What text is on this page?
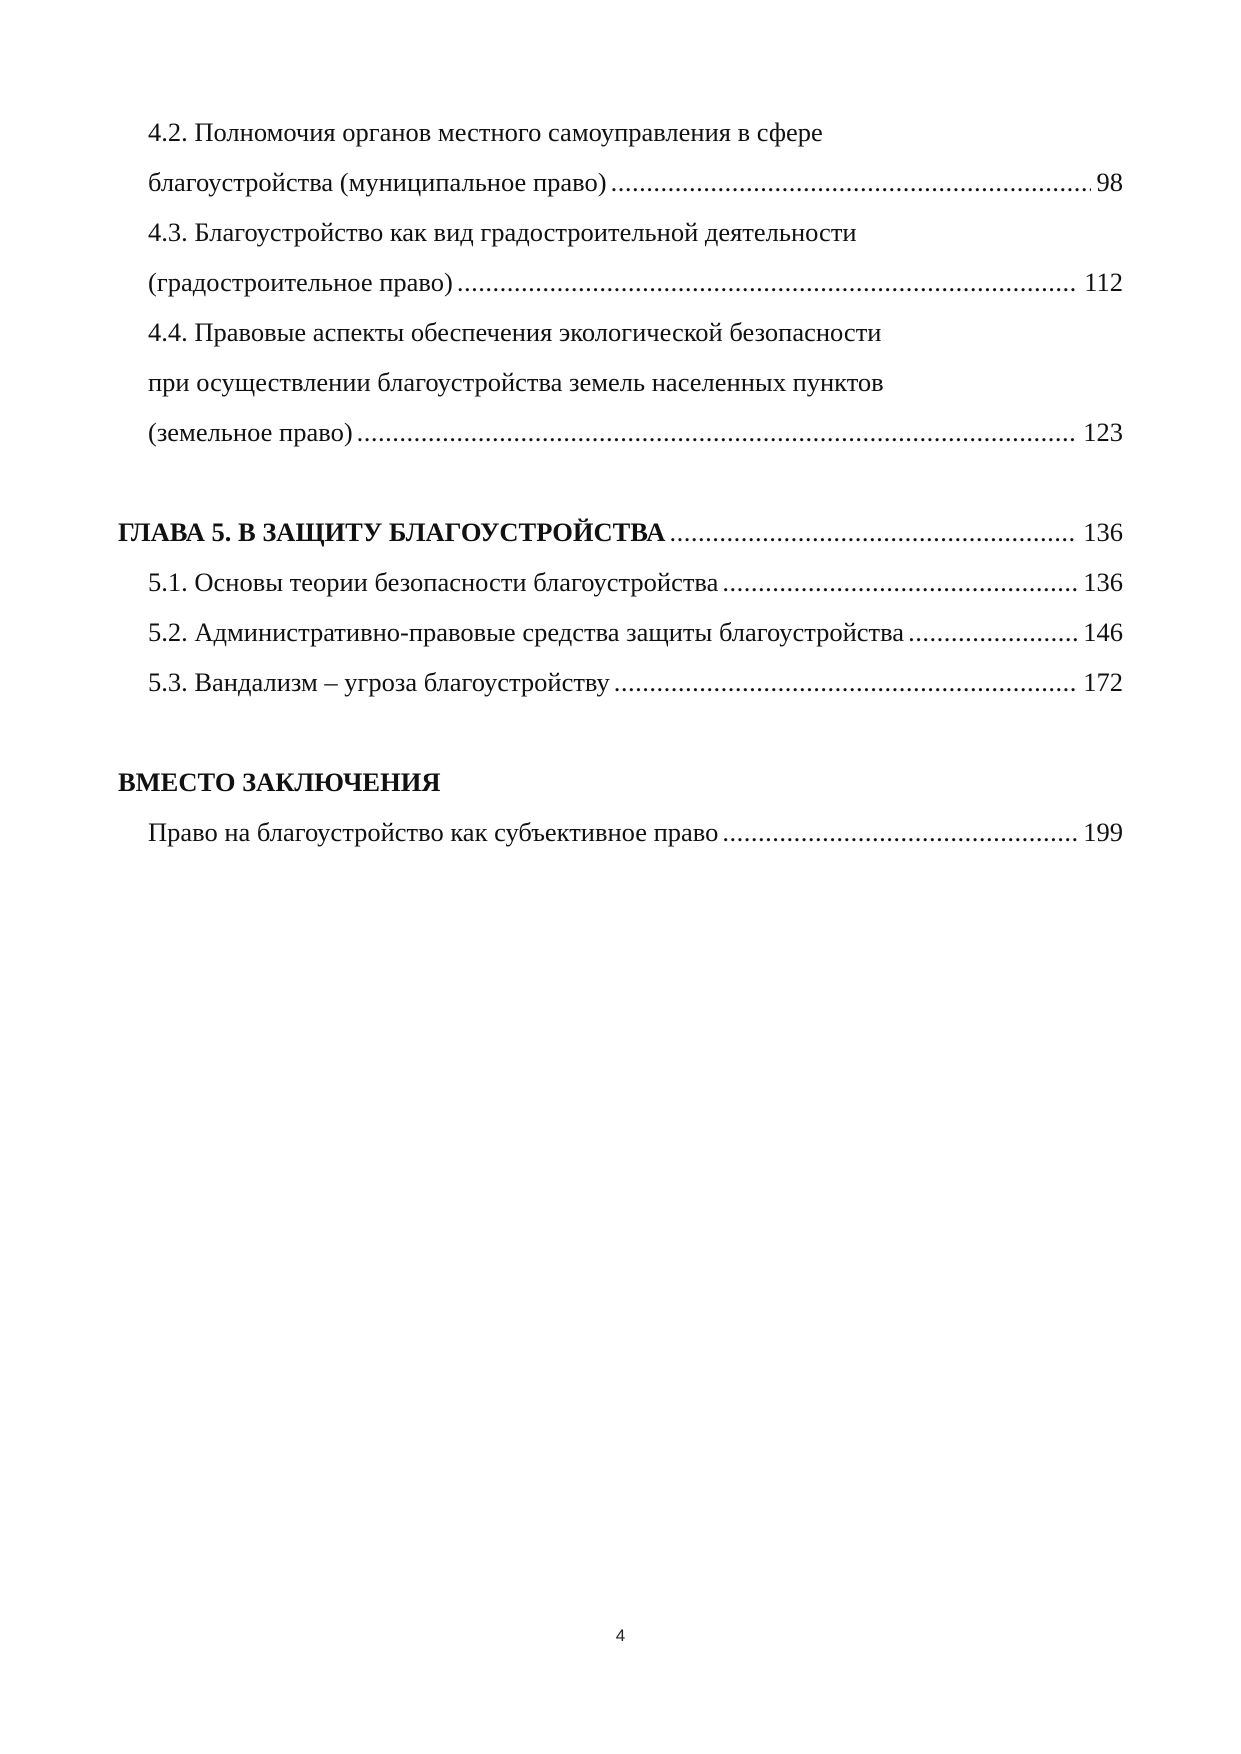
4.2. Полномочия органов местного самоуправления в сфере
благоустройства (муниципальное право) .....	98
4.3. Благоустройство как вид градостроительной деятельности
(градостроительное право) .....	112
4.4. Правовые аспекты обеспечения экологической безопасности
при осуществлении благоустройства земель населенных пунктов
(земельное право) .....	123
ГЛАВА 5. В ЗАЩИТУ БЛАГОУСТРОЙСТВА .....	136
5.1. Основы теории безопасности благоустройства .....	136
5.2. Административно-правовые средства защиты благоустройства .....	146
5.3. Вандализм – угроза благоустройству .....	172
ВМЕСТО ЗАКЛЮЧЕНИЯ
Право на благоустройство как субъективное право .....	199
4
